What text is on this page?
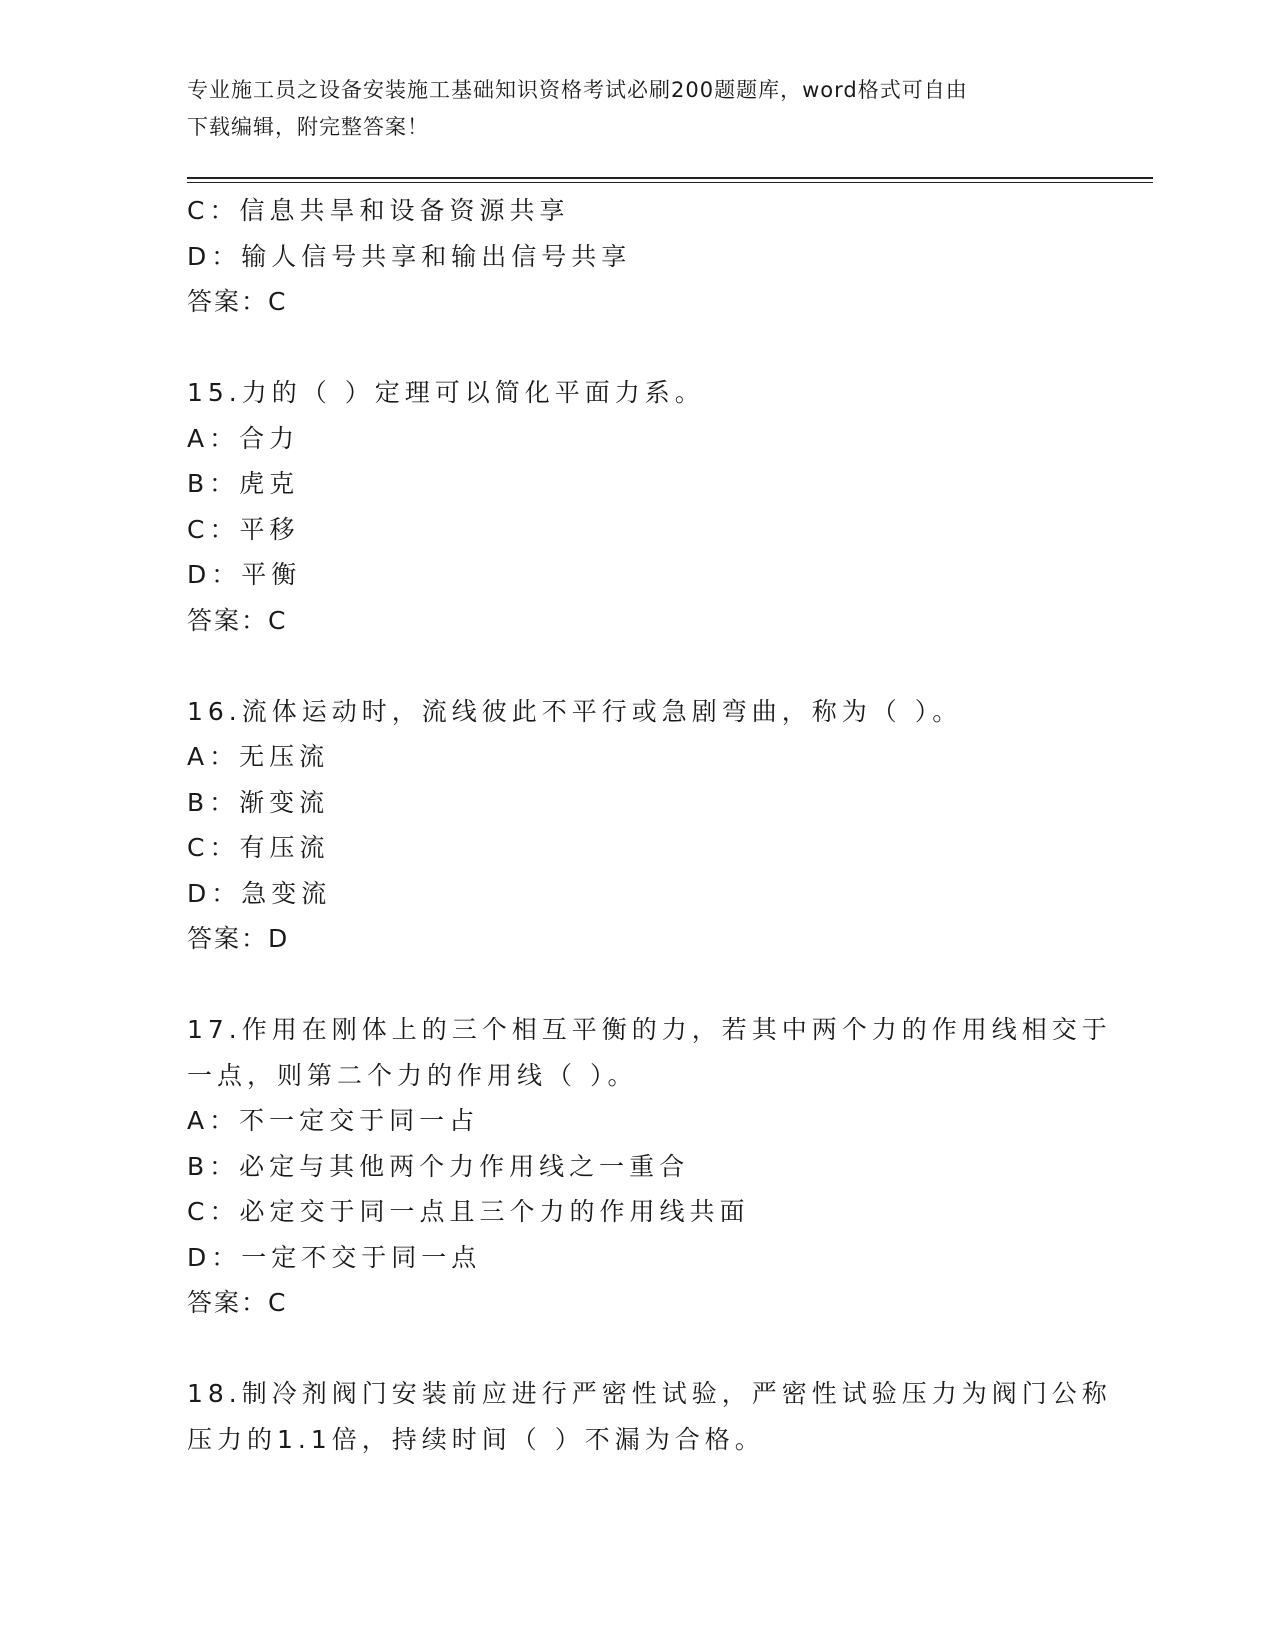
专业施工员之设备安装施工基础知识资格考试必刷200题题库，word格式可自由
下载编辑，附完整答案！
C：信息共旱和设备资源共享
D：输人信号共享和输出信号共享
答案：C
15.力的（ ）定理可以简化平面力系。
A：合力
B：虎克
C：平移
D：平衡
答案：C
16.流体运动时，流线彼此不平行或急剧弯曲，称为（ ）。
A：无压流
B：渐变流
C：有压流
D：急变流
答案：D
17.作用在刚体上的三个相互平衡的力，若其中两个力的作用线相交于
一点，则第二个力的作用线（ ）。
A：不一定交于同一占
B：必定与其他两个力作用线之一重合
C：必定交于同一点且三个力的作用线共面
D：一定不交于同一点
答案：C
18.制冷剂阀门安装前应进行严密性试验，严密性试验压力为阀门公称
压力的1.1倍，持续时间（ ）不漏为合格。
